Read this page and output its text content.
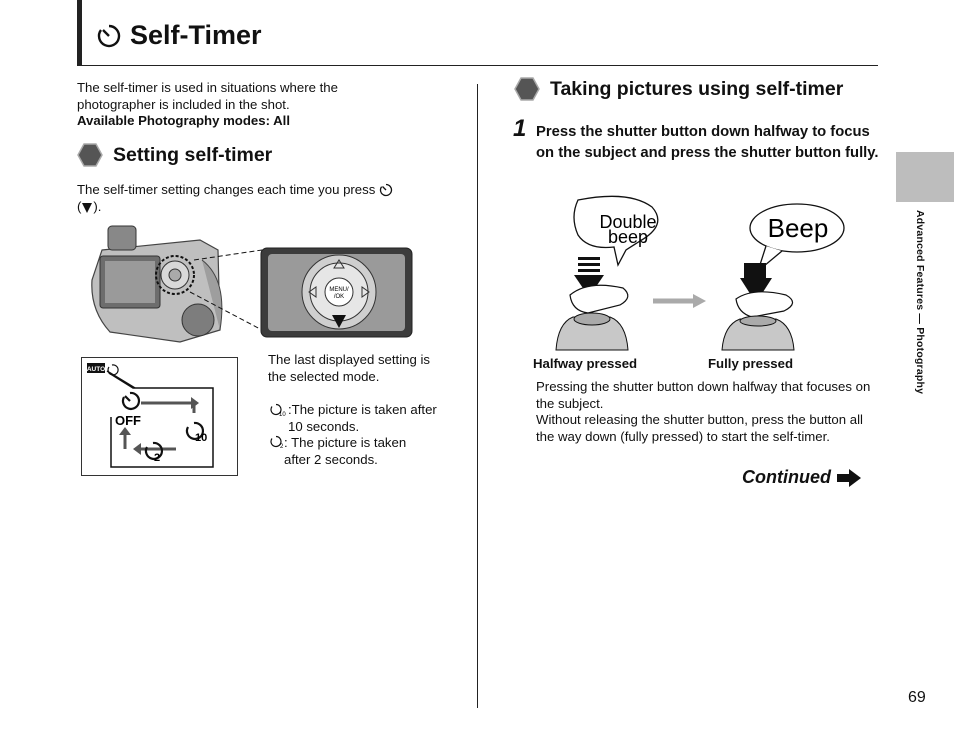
Self-Timer
The self-timer is used in situations where the photographer is included in the shot.
Available Photography modes: All
Setting self-timer
The self-timer setting changes each time you press
( ).
MENU/
/OK
AUTO
OFF
10
2
The last displayed setting is the selected mode.
10 :The picture is taken after 10 seconds.
2 : The picture is taken after 2 seconds.
Taking pictures using self-timer
1 Press the shutter button down halfway to focus on the subject and press the shutter button fully.
Double
beep	Beep
Halfway pressed	Fully pressed
Pressing the shutter button down halfway that focuses on the subject.
Without releasing the shutter button, press the button all the way down (fully pressed) to start the self-timer.
Continued
Advanced Features — Photography
69
